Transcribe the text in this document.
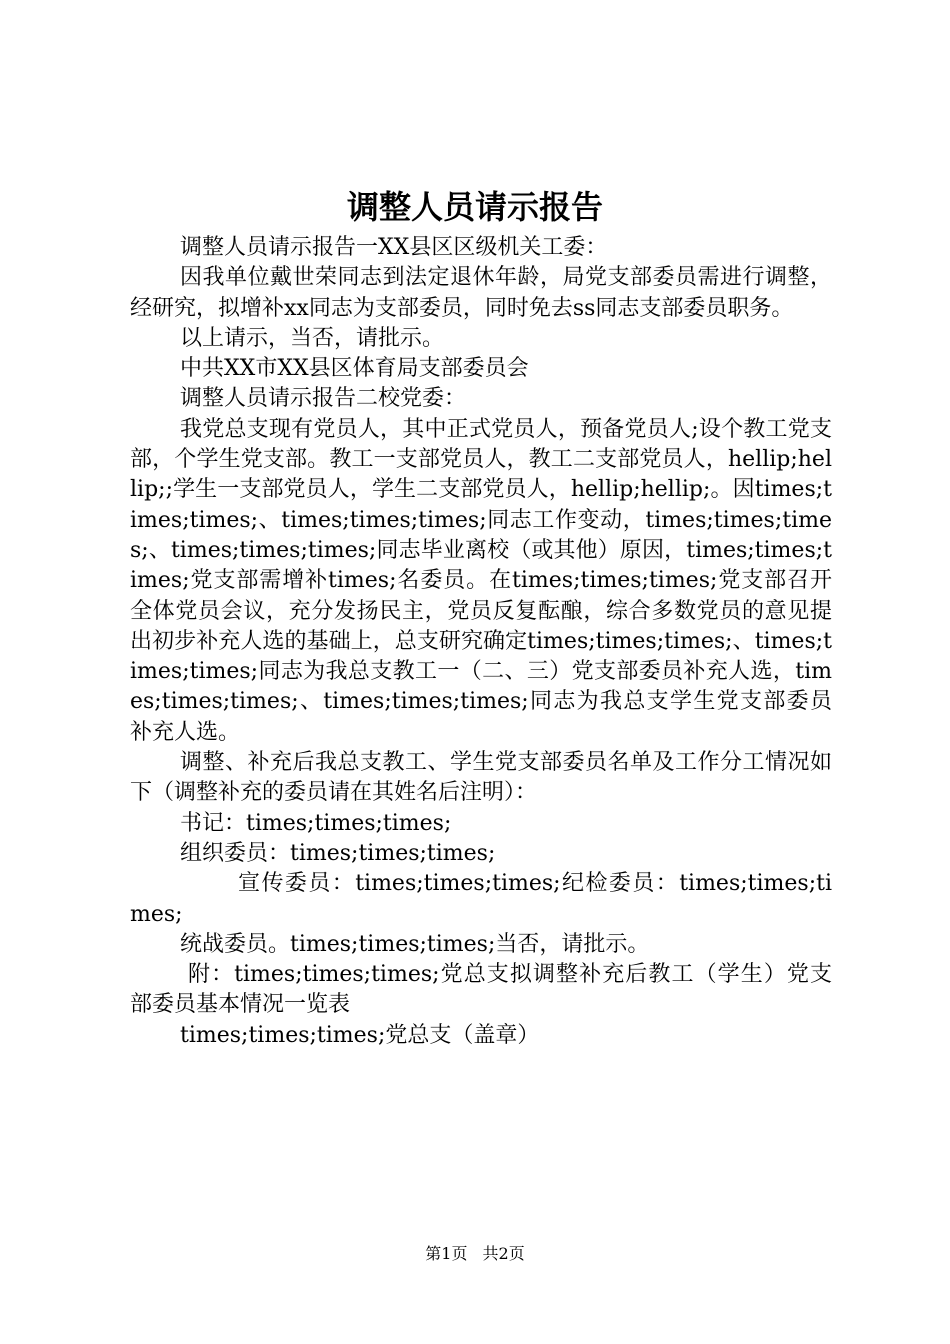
调整人员请示报告

调整人员请示报告一XX县区区级机关工委：

因我单位戴世荣同志到法定退休年龄，局党支部委员需进行调整，经研究，拟增补xx同志为支部委员，同时免去ss同志支部委员职务。

以上请示，当否，请批示。

中共XX市XX县区体育局支部委员会

调整人员请示报告二校党委：

我党总支现有党员人，其中正式党员人，预备党员人;设个教工党支部，个学生党支部。教工一支部党员人，教工二支部党员人，hellip;hellip;;学生一支部党员人，学生二支部党员人，hellip;hellip;。因times;times;times;、times;times;times;同志工作变动，times;times;times;、times;times;times;同志毕业离校（或其他）原因，times;times;times;党支部需增补times;名委员。在times;times;times;党支部召开全体党员会议，充分发扬民主，党员反复酝酿，综合多数党员的意见提出初步补充人选的基础上，总支研究确定times;times;times;、times;times;times;同志为我总支教工一（二、三）党支部委员补充人选，times;times;times;、times;times;times;同志为我总支学生党支部委员补充人选。

调整、补充后我总支教工、学生党支部委员名单及工作分工情况如下（调整补充的委员请在其姓名后注明）：

书记：times;times;times;

组织委员：times;times;times;

宣传委员：times;times;times;纪检委员：times;times;times;

统战委员。times;times;times;当否，请批示。

附：times;times;times;党总支拟调整补充后教工（学生）党支部委员基本情况一览表

times;times;times;党总支（盖章）

第1页 共2页
